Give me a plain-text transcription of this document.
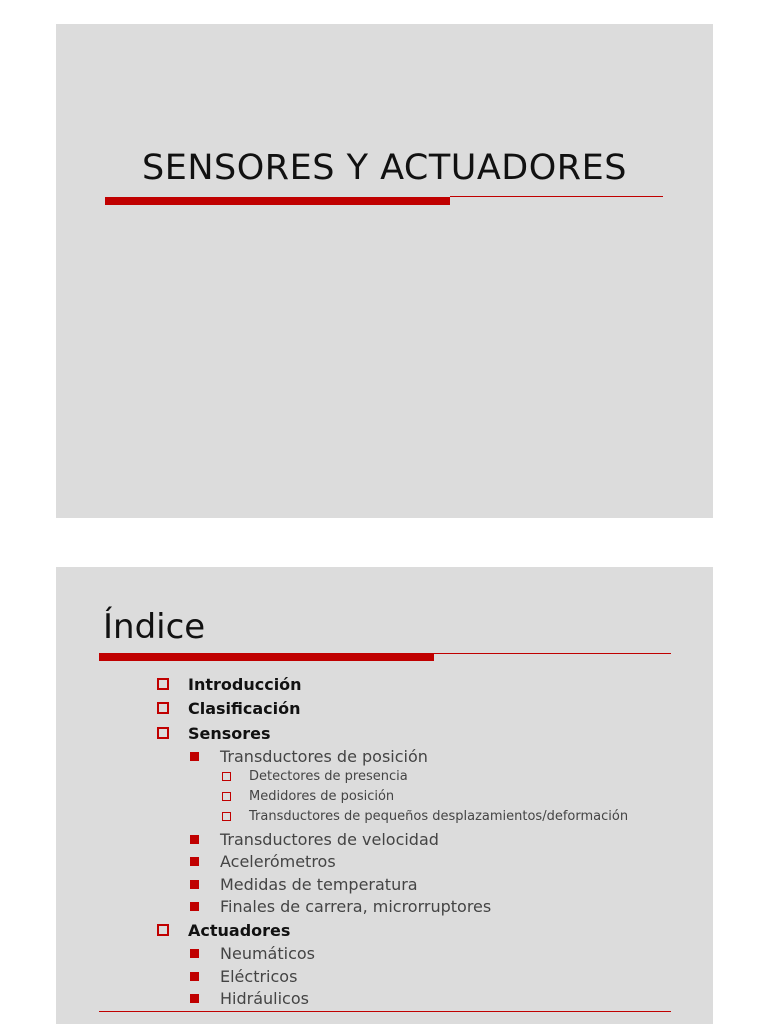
SENSORES Y ACTUADORES
Índice
Introducción
Clasificación
Sensores
Transductores de posición
Detectores de presencia
Medidores de posición
Transductores de pequeños desplazamientos/deformación
Transductores de velocidad
Acelerómetros
Medidas de temperatura
Finales de carrera, microrruptores
Actuadores
Neumáticos
Eléctricos
Hidráulicos
